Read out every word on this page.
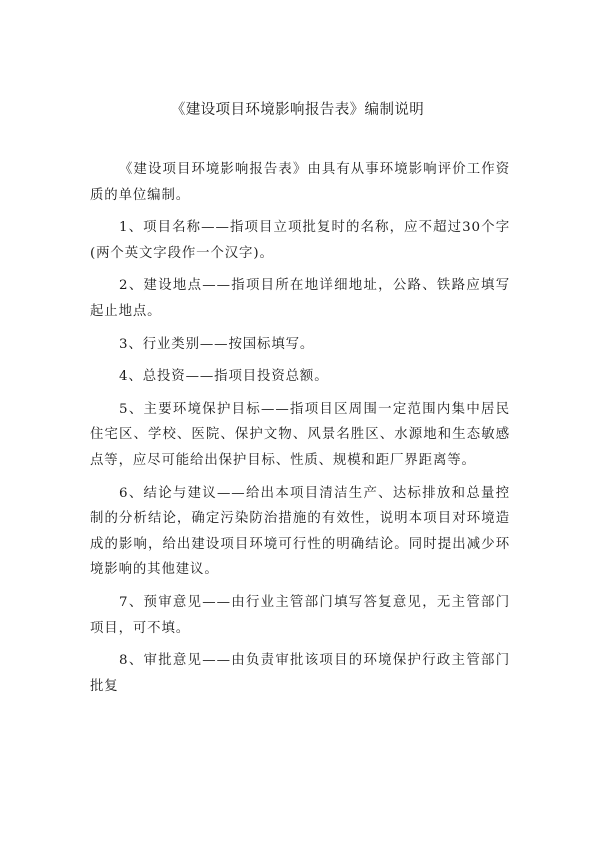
《建设项目环境影响报告表》编制说明

《建设项目环境影响报告表》由具有从事环境影响评价工作资质的单位编制。

1、项目名称——指项目立项批复时的名称，应不超过30个字(两个英文字段作一个汉字)。

2、建设地点——指项目所在地详细地址，公路、铁路应填写起止地点。

3、行业类别——按国标填写。

4、总投资——指项目投资总额。

5、主要环境保护目标——指项目区周围一定范围内集中居民住宅区、学校、医院、保护文物、风景名胜区、水源地和生态敏感点等，应尽可能给出保护目标、性质、规模和距厂界距离等。

6、结论与建议——给出本项目清洁生产、达标排放和总量控制的分析结论，确定污染防治措施的有效性，说明本项目对环境造成的影响，给出建设项目环境可行性的明确结论。同时提出减少环境影响的其他建议。

7、预审意见——由行业主管部门填写答复意见，无主管部门项目，可不填。

8、审批意见——由负责审批该项目的环境保护行政主管部门批复
